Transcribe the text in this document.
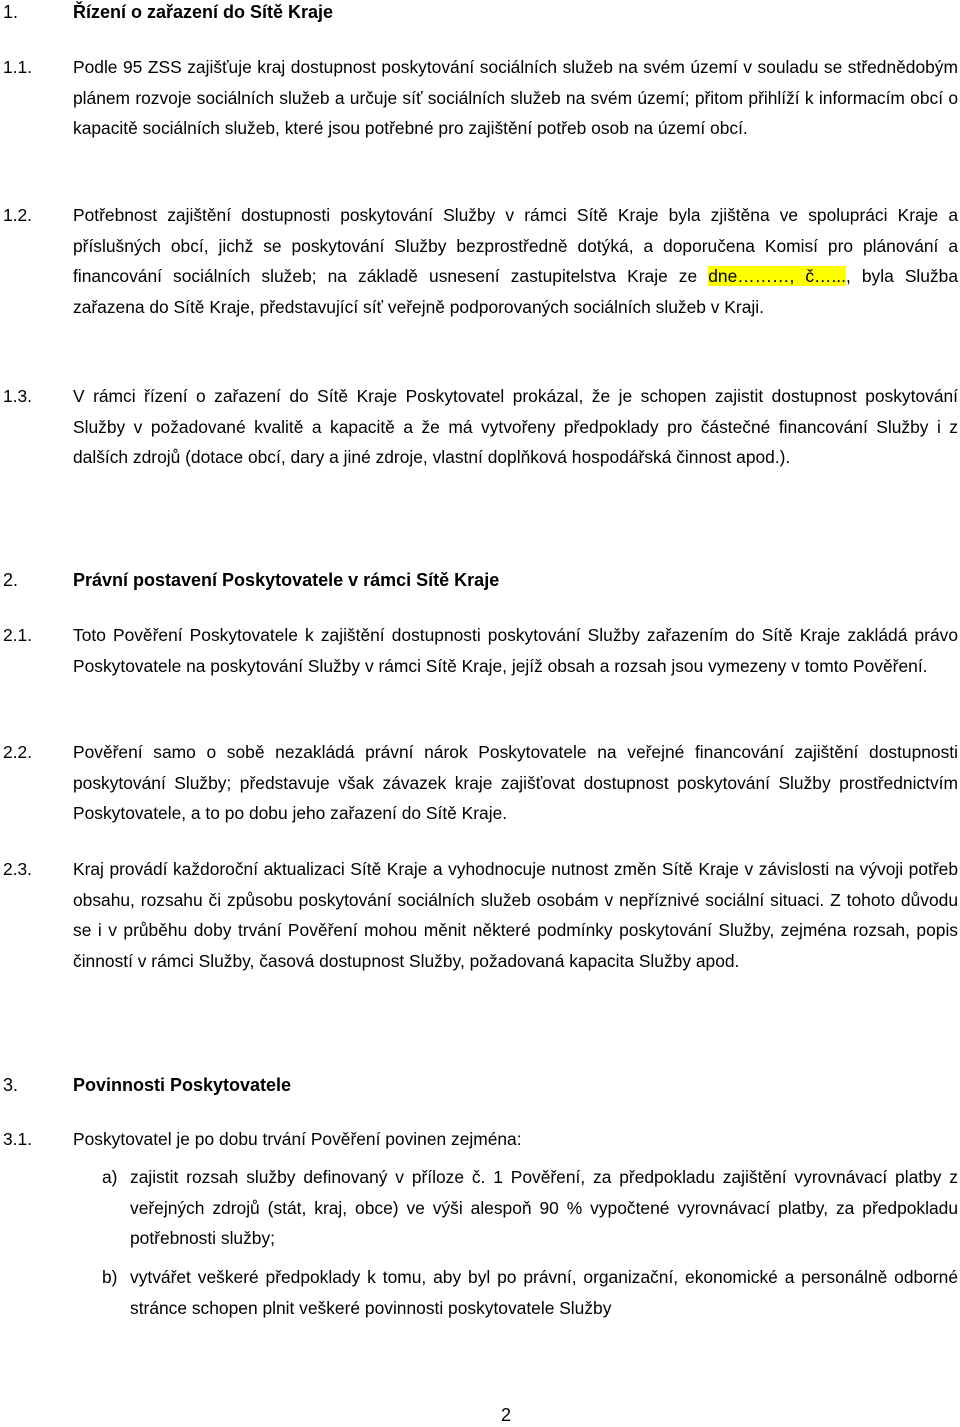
1.	Řízení o zařazení do Sítě Kraje
1.1. Podle 95 ZSS zajišťuje kraj dostupnost poskytování sociálních služeb na svém území v souladu se střednědobým plánem rozvoje sociálních služeb a určuje síť sociálních služeb na svém území; přitom přihlíží k informacím obcí o kapacitě sociálních služeb, které jsou potřebné pro zajištění potřeb osob na území obcí.
1.2. Potřebnost zajištění dostupnosti poskytování Služby v rámci Sítě Kraje byla zjištěna ve spolupráci Kraje a příslušných obcí, jichž se poskytování Služby bezprostředně dotýká, a doporučena Komisí pro plánování a financování sociálních služeb; na základě usnesení zastupitelstva Kraje ze dne………, č…..., byla Služba zařazena do Sítě Kraje, představující síť veřejně podporovaných sociálních služeb v Kraji.
1.3. V rámci řízení o zařazení do Sítě Kraje Poskytovatel prokázal, že je schopen zajistit dostupnost poskytování Služby v požadované kvalitě a kapacitě a že má vytvořeny předpoklady pro částečné financování Služby i z dalších zdrojů (dotace obcí, dary a jiné zdroje, vlastní doplňková hospodářská činnost apod.).
2.	Právní postavení Poskytovatele v rámci Sítě Kraje
2.1. Toto Pověření Poskytovatele k zajištění dostupnosti poskytování Služby zařazením do Sítě Kraje zakládá právo Poskytovatele na poskytování Služby v rámci Sítě Kraje, jejíž obsah a rozsah jsou vymezeny v tomto Pověření.
2.2. Pověření samo o sobě nezakládá právní nárok Poskytovatele na veřejné financování zajištění dostupnosti poskytování Služby; představuje však závazek kraje zajišťovat dostupnost poskytování Služby prostřednictvím Poskytovatele, a to po dobu jeho zařazení do Sítě Kraje.
2.3. Kraj provádí každoroční aktualizaci Sítě Kraje a vyhodnocuje nutnost změn Sítě Kraje v závislosti na vývoji potřeb obsahu, rozsahu či způsobu poskytování sociálních služeb osobám v nepříznivé sociální situaci. Z tohoto důvodu se i v průběhu doby trvání Pověření mohou měnit některé podmínky poskytování Služby, zejména rozsah, popis činností v rámci Služby, časová dostupnost Služby, požadovaná kapacita Služby apod.
3.	Povinnosti Poskytovatele
3.1. Poskytovatel je po dobu trvání Pověření povinen zejména:
a) zajistit rozsah služby definovaný v příloze č. 1 Pověření, za předpokladu zajištění vyrovnávací platby z veřejných zdrojů (stát, kraj, obce) ve výši alespoň 90 % vypočtené vyrovnávací platby, za předpokladu potřebnosti služby;
b) vytvářet veškeré předpoklady k tomu, aby byl po právní, organizační, ekonomické a personálně odborné stránce schopen plnit veškeré povinnosti poskytovatele Služby
2
